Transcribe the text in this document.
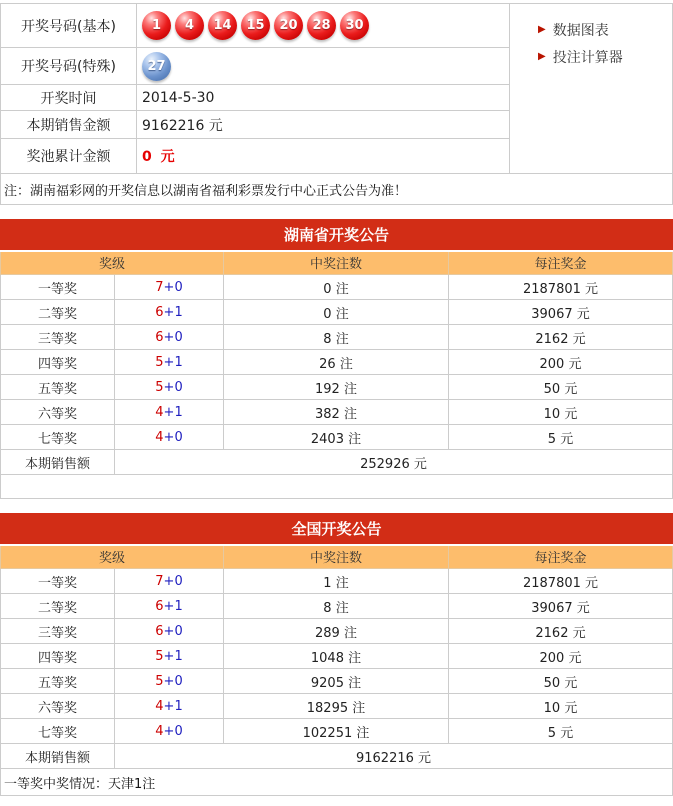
开奖号码(基本)	1	4	14	15	20	28	30
开奖号码(特殊)	27
开奖时间	2014-5-30
本期销售金额	9162216 元
奖池累计金额	0 元
▶ 数据图表
▶ 投注计算器
注：湖南福彩网的开奖信息以湖南省福利彩票发行中心正式公告为准！
湖南省开奖公告			
奖级		中奖注数	每注奖金
一等奖	7+0	0 注	2187801 元
二等奖	6+1	0 注	39067 元
三等奖	6+0	8 注	2162 元
四等奖	5+1	26 注	200 元
五等奖	5+0	192 注	50 元
六等奖	4+1	382 注	10 元
七等奖	4+0	2403 注	5 元
本期销售额	252926 元		

全国开奖公告			
奖级		中奖注数	每注奖金
一等奖	7+0	1 注	2187801 元
二等奖	6+1	8 注	39067 元
三等奖	6+0	289 注	2162 元
四等奖	5+1	1048 注	200 元
五等奖	5+0	9205 注	50 元
六等奖	4+1	18295 注	10 元
七等奖	4+0	102251 注	5 元
本期销售额	9162216 元		
一等奖中奖情况：天津1注			
